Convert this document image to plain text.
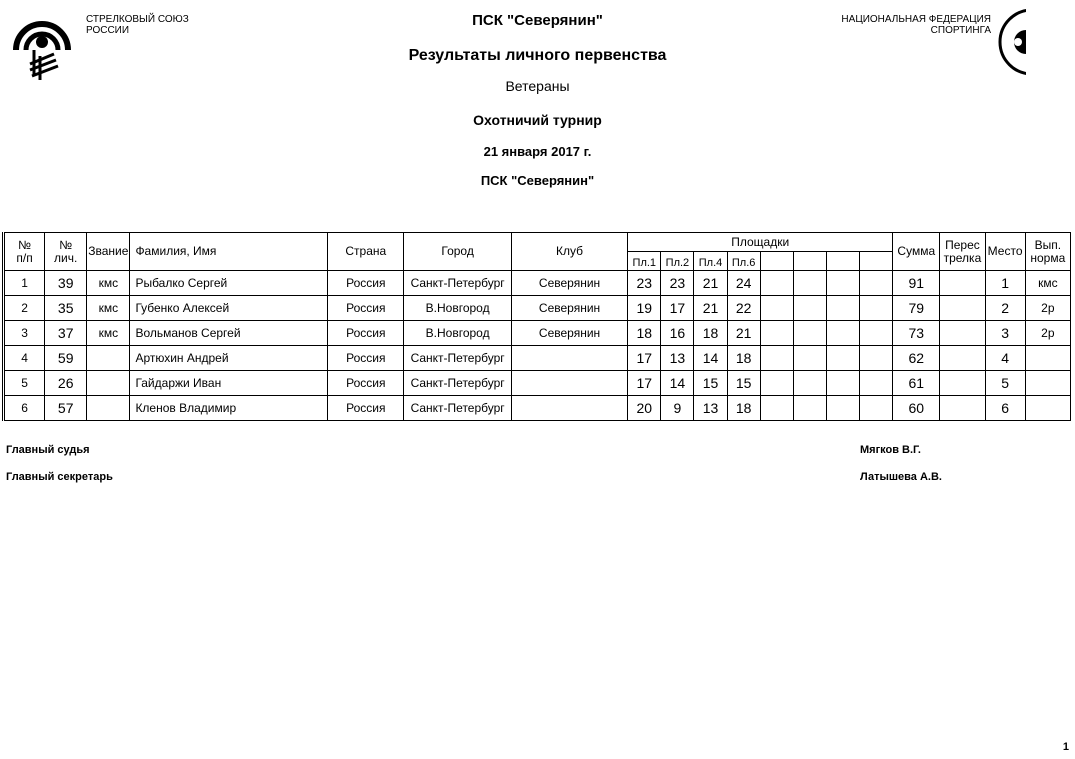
СТРЕЛКОВЫЙ СОЮЗ
РОССИИ
НАЦИОНАЛЬНАЯ ФЕДЕРАЦИЯ
СПОРТИНГА
ПСК "Северянин"
Результаты личного первенства
Ветераны
Охотничий турнир
21 января 2017 г.
ПСК "Северянин"
№ п/п	№ лич.	Звание	Фамилия, Имя	Страна	Город	Клуб	Площадки								Сумма	Перестрелка	Место	Вып. норма

							Пл.1	Пл.2	Пл.4	Пл.6								
1	39	кмс	Рыбалко Сергей	Россия	Санкт-Петербург	Северянин	23	23	21	24					91		1	кмс
2	35	кмс	Губенко Алексей	Россия	В.Новгород	Северянин	19	17	21	22					79		2	2р
3	37	кмс	Вольманов Сергей	Россия	В.Новгород	Северянин	18	16	18	21					73		3	2р
4	59		Артюхин Андрей	Россия	Санкт-Петербург		17	13	14	18					62		4	
5	26		Гайдаржи Иван	Россия	Санкт-Петербург		17	14	15	15					61		5	
6	57		Кленов Владимир	Россия	Санкт-Петербург		20	9	13	18					60		6	
Главный судья	Мягков В.Г.
Главный секретарь	Латышева А.В.
1
